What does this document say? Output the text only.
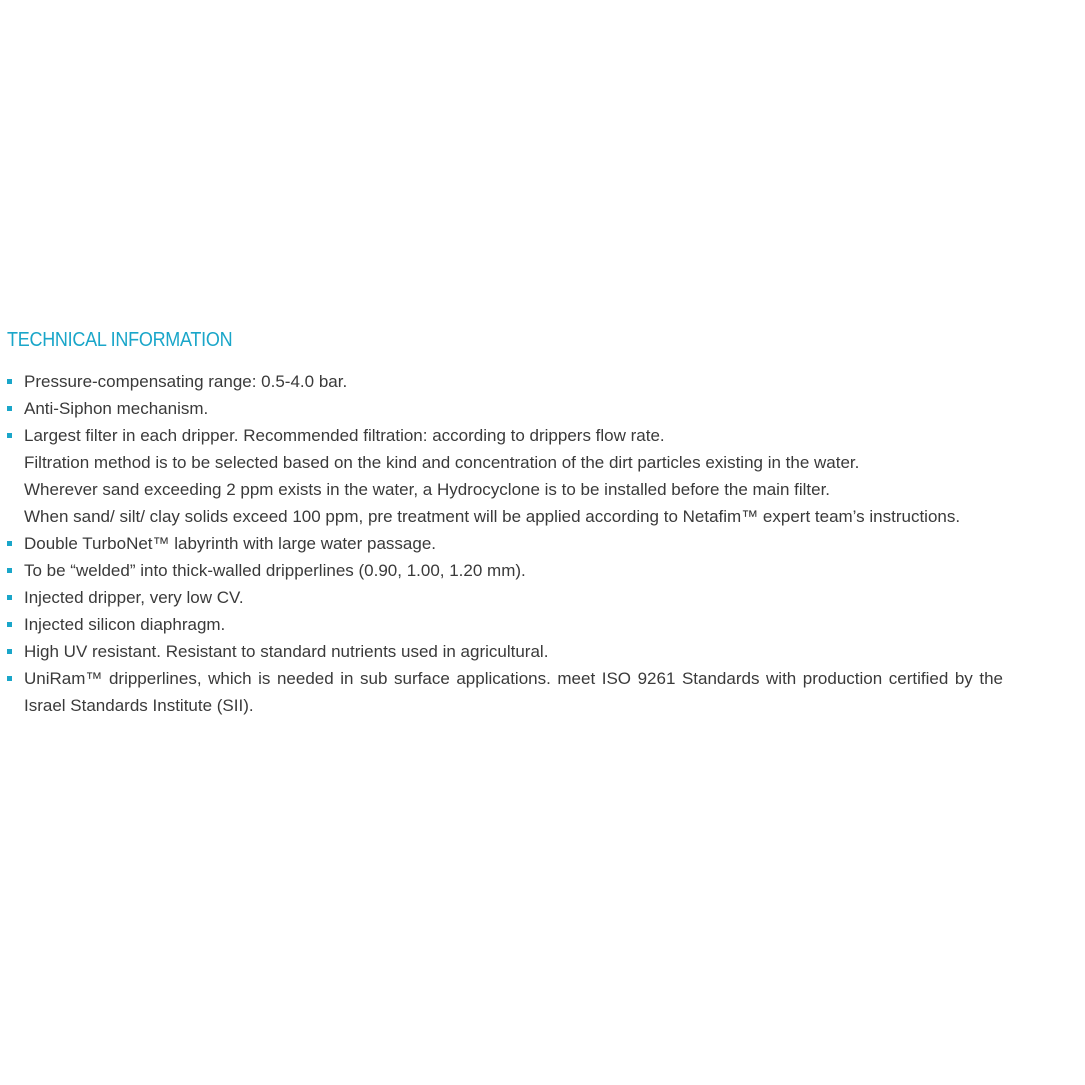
TECHNICAL INFORMATION
Pressure-compensating range: 0.5-4.0 bar.
Anti-Siphon mechanism.
Largest filter in each dripper. Recommended filtration: according to drippers flow rate.
Filtration method is to be selected based on the kind and concentration of the dirt particles existing in the water.
Wherever sand exceeding 2 ppm exists in the water, a Hydrocyclone is to be installed before the main filter.
When sand/ silt/ clay solids exceed 100 ppm, pre treatment will be applied according to Netafim™ expert team’s instructions.
Double TurboNet™ labyrinth with large water passage.
To be “welded” into thick-walled dripperlines (0.90, 1.00, 1.20 mm).
Injected dripper, very low CV.
Injected silicon diaphragm.
High UV resistant. Resistant to standard nutrients used in agricultural.
UniRam™ dripperlines, which is needed in sub surface applications. meet ISO 9261 Standards with production certified by the Israel Standards Institute (SII).
